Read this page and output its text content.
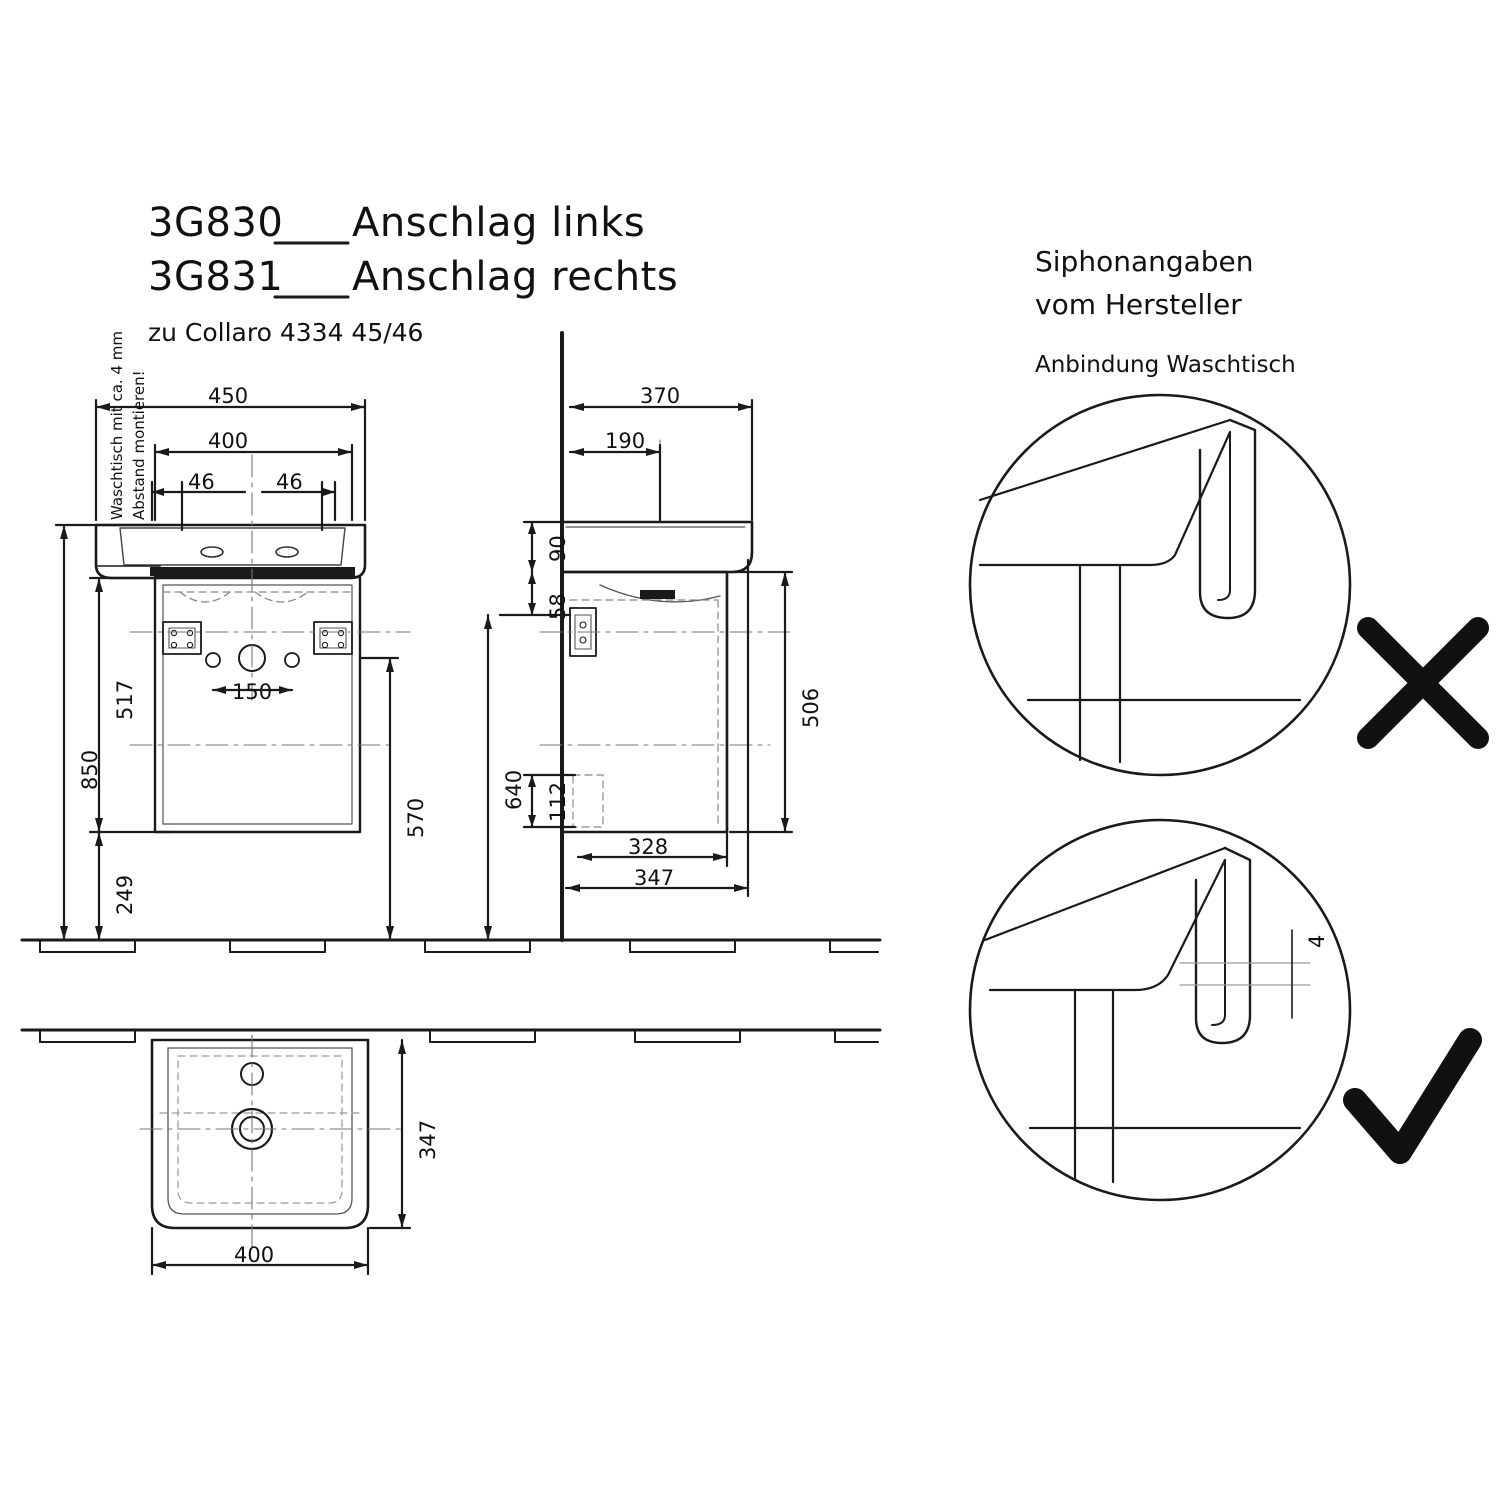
3G830 Anschlag links
3G831 Anschlag rechts
zu Collaro 4334 45/46
Waschtisch mit ca. 4 mm Abstand montieren!	450
400
46	46
850
517
249
570
150
370
190
90
58
506
640 112
328
347
347
400
Siphonangaben
vom Hersteller
Anbindung Waschtisch
4
